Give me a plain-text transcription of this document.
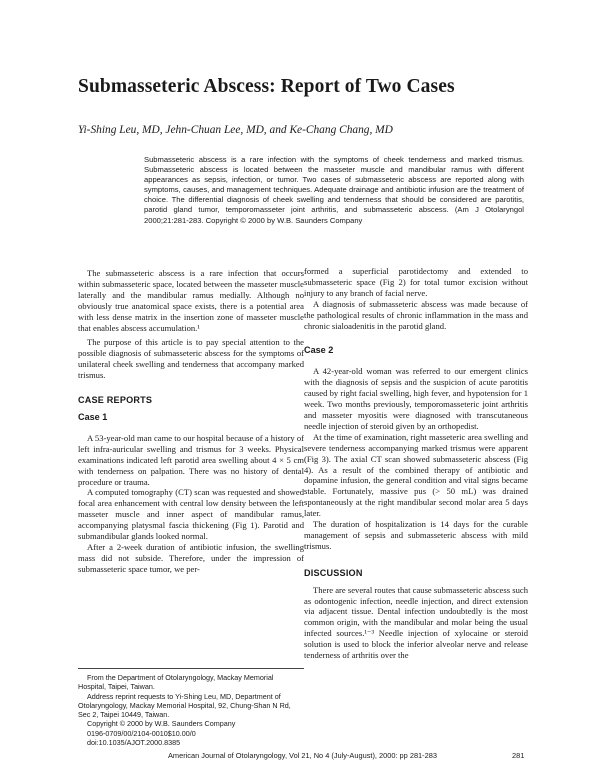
Submasseteric Abscess: Report of Two Cases
Yi-Shing Leu, MD, Jehn-Chuan Lee, MD, and Ke-Chang Chang, MD
Submasseteric abscess is a rare infection with the symptoms of cheek tenderness and marked trismus. Submasseteric abscess is located between the masseter muscle and mandibular ramus with different appearances as sepsis, infection, or tumor. Two cases of submasseteric abscess are reported along with symptoms, causes, and management techniques. Adequate drainage and antibiotic infusion are the treatment of choice. The differential diagnosis of cheek swelling and tenderness that should be considered are parotitis, parotid gland tumor, temporomasseter joint arthritis, and submasseteric abscess. (Am J Otolaryngol 2000;21:281-283. Copyright © 2000 by W.B. Saunders Company

The submasseteric abscess is a rare infection that occurs within submasseteric space, located between the masseter muscle laterally and the mandibular ramus medially. Although no obviously true anatomical space exists, there is a potential area with less dense matrix in the insertion zone of masseter muscle that enables abscess accumulation.¹

The purpose of this article is to pay special attention to the possible diagnosis of submasseteric abscess for the symptoms of unilateral cheek swelling and tenderness that accompany marked trismus.

CASE REPORTS
Case 1

A 53-year-old man came to our hospital because of a history of left infra-auricular swelling and trismus for 3 weeks. Physical examinations indicated left parotid area swelling about 4 × 5 cm with tenderness on palpation. There was no history of dental procedure or trauma.

A computed tomography (CT) scan was requested and showed focal area enhancement with central low density between the left masseter muscle and inner aspect of mandibular ramus, accompanying platysmal fascia thickening (Fig 1). Parotid and submandibular glands looked normal.

After a 2-week duration of antibiotic infusion, the swelling mass did not subside. Therefore, under the impression of submasseteric space tumor, we per-

formed a superficial parotidectomy and extended to submasseteric space (Fig 2) for total tumor excision without injury to any branch of facial nerve.

A diagnosis of submasseteric abscess was made because of the pathological results of chronic inflammation in the mass and chronic sialoadenitis in the parotid gland.

Case 2

A 42-year-old woman was referred to our emergent clinics with the diagnosis of sepsis and the suspicion of acute parotitis caused by right facial swelling, high fever, and hypotension for 1 week. Two months previously, temporomasseteric joint arthritis and masseter myositis were diagnosed with transcutaneous needle injection of steroid given by an orthopedist.

At the time of examination, right masseteric area swelling and severe tenderness accompanying marked trismus were apparent (Fig 3). The axial CT scan showed submasseteric abscess (Fig 4). As a result of the combined therapy of antibiotic and dopamine infusion, the general condition and vital signs became stable. Fortunately, massive pus (> 50 mL) was drained spontaneously at the right mandibular second molar area 5 days later.

The duration of hospitalization is 14 days for the curable management of sepsis and submasseteric abscess with mild trismus.

DISCUSSION

There are several routes that cause submasseteric abscess such as odontogenic infection, needle injection, and direct extension via adjacent tissue. Dental infection undoubtedly is the most common origin, with the mandibular and molar being the usual infected sources.¹⁻³ Needle injection of xylocaine or steroid solution is used to block the inferior alveolar nerve and release tenderness of arthritis over the

From the Department of Otolaryngology, Mackay Memorial Hospital, Taipei, Taiwan.

Address reprint requests to Yi-Shing Leu, MD, Department of Otolaryngology, Mackay Memorial Hospital, 92, Chung-Shan N Rd, Sec 2, Taipei 10449, Taiwan.

Copyright © 2000 by W.B. Saunders Company

0196-0709/00/2104-0010$10.00/0

doi:10.1035/AJOT.2000.8385

American Journal of Otolaryngology, Vol 21, No 4 (July-August), 2000: pp 281-283	281
